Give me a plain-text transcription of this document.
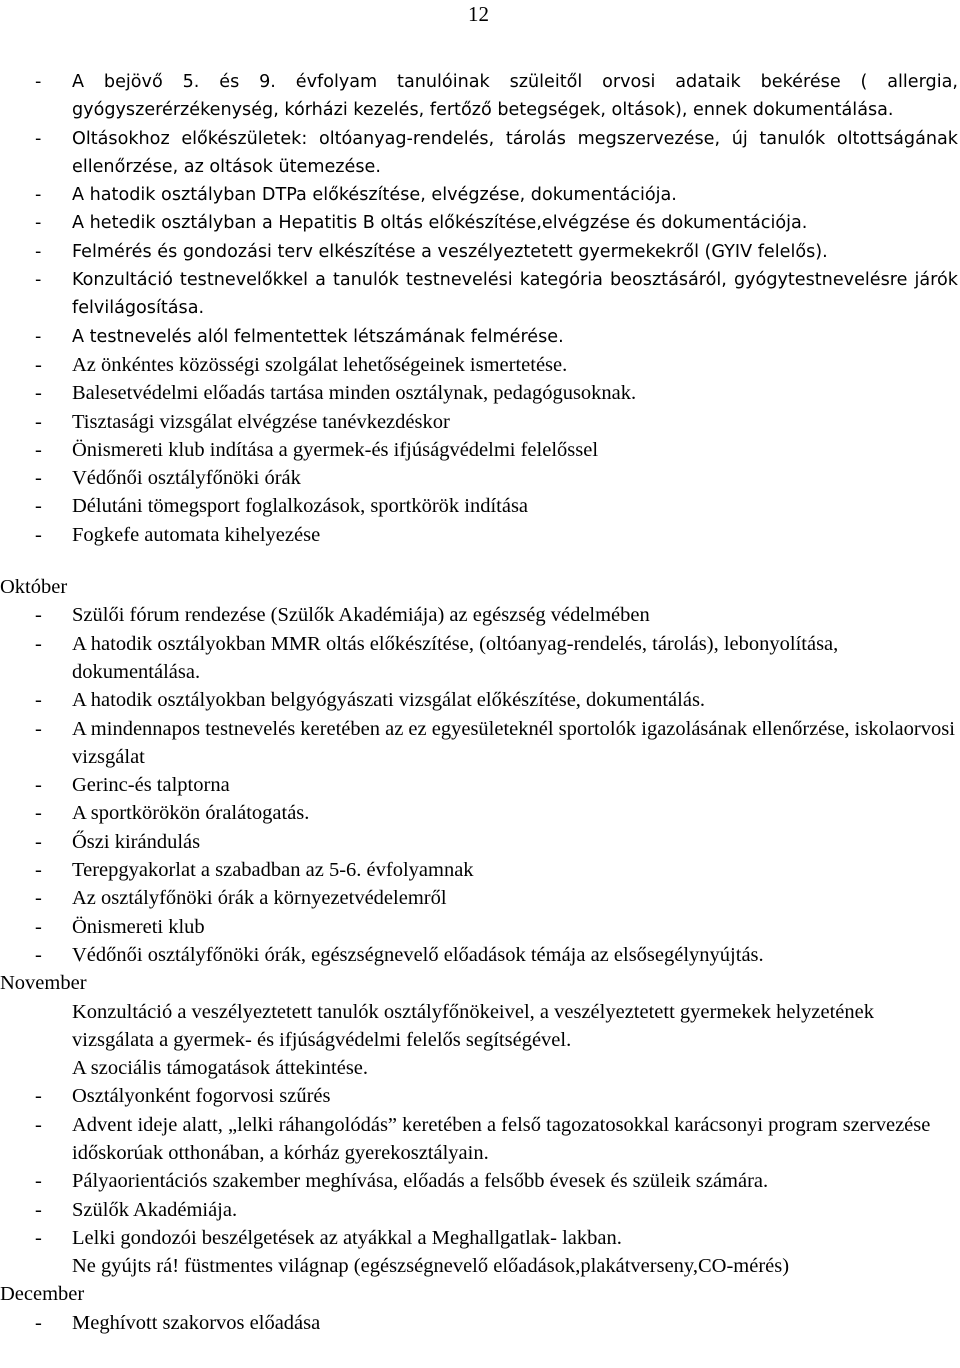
12
- A bejövő 5. és 9. évfolyam tanulóinak szüleitől orvosi adataik bekérése ( allergia, gyógyszerérzékenység, kórházi kezelés, fertőző betegségek, oltások), ennek dokumentálása.
- Oltásokhoz előkészületek: oltóanyag-rendelés, tárolás megszervezése, új tanulók oltottságának ellenőrzése, az oltások ütemezése.
- A hatodik osztályban DTPa előkészítése, elvégzése, dokumentációja.
- A hetedik osztályban a Hepatitis B oltás előkészítése,elvégzése és dokumentációja.
- Felmérés és gondozási terv elkészítése a veszélyeztetett gyermekekről (GYIV felelős).
- Konzultáció testnevelőkkel a tanulók testnevelési kategória beosztásáról, gyógytestnevelésre járók felvilágosítása.
- A testnevelés alól felmentettek létszámának felmérése.
- Az önkéntes közösségi szolgálat lehetőségeinek ismertetése.
- Balesetvédelmi előadás tartása minden osztálynak, pedagógusoknak.
- Tisztasági vizsgálat elvégzése tanévkezdéskor
- Önismereti klub indítása a gyermek-és ifjúságvédelmi felelőssel
- Védőnői osztályfőnöki órák
- Délutáni tömegsport foglalkozások, sportkörök indítása
- Fogkefe automata kihelyezése
Október
- Szülői fórum rendezése (Szülők Akadémiája) az egészség védelmében
- A hatodik osztályokban MMR oltás előkészítése, (oltóanyag-rendelés, tárolás), lebonyolítása, dokumentálása.
- A hatodik osztályokban belgyógyászati vizsgálat előkészítése, dokumentálás.
- A mindennapos testnevelés keretében az ez egyesületeknél sportolók igazolásának ellenőrzése, iskolaorvosi vizsgálat
- Gerinc-és talptorna
- A sportkörökön óralátogatás.
- Őszi kirándulás
- Terepgyakorlat a szabadban az 5-6. évfolyamnak
- Az osztályfőnöki órák a környezetvédelemről
- Önismereti klub
- Védőnői osztályfőnöki órák, egészségnevelő előadások témája az elsősegélynyújtás.
November
Konzultáció a veszélyeztetett tanulók osztályfőnökeivel, a veszélyeztetett gyermekek helyzetének vizsgálata a gyermek- és ifjúságvédelmi felelős segítségével.
A szociális támogatások áttekintése.
- Osztályonként fogorvosi szűrés
- Advent ideje alatt, „lelki ráhangolódás” keretében a felső tagozatosokkal karácsonyi program szervezése időskorúak otthonában, a kórház gyerekosztályain.
- Pályaorientációs szakember meghívása, előadás a felsőbb évesek és szüleik számára.
- Szülők Akadémiája.
- Lelki gondozói beszélgetések az atyákkal a Meghallgatlak- lakban.
Ne gyújts rá! füstmentes világnap (egészségnevelő előadások,plakátverseny,CO-mérés)
December
- Meghívott szakorvos előadása
